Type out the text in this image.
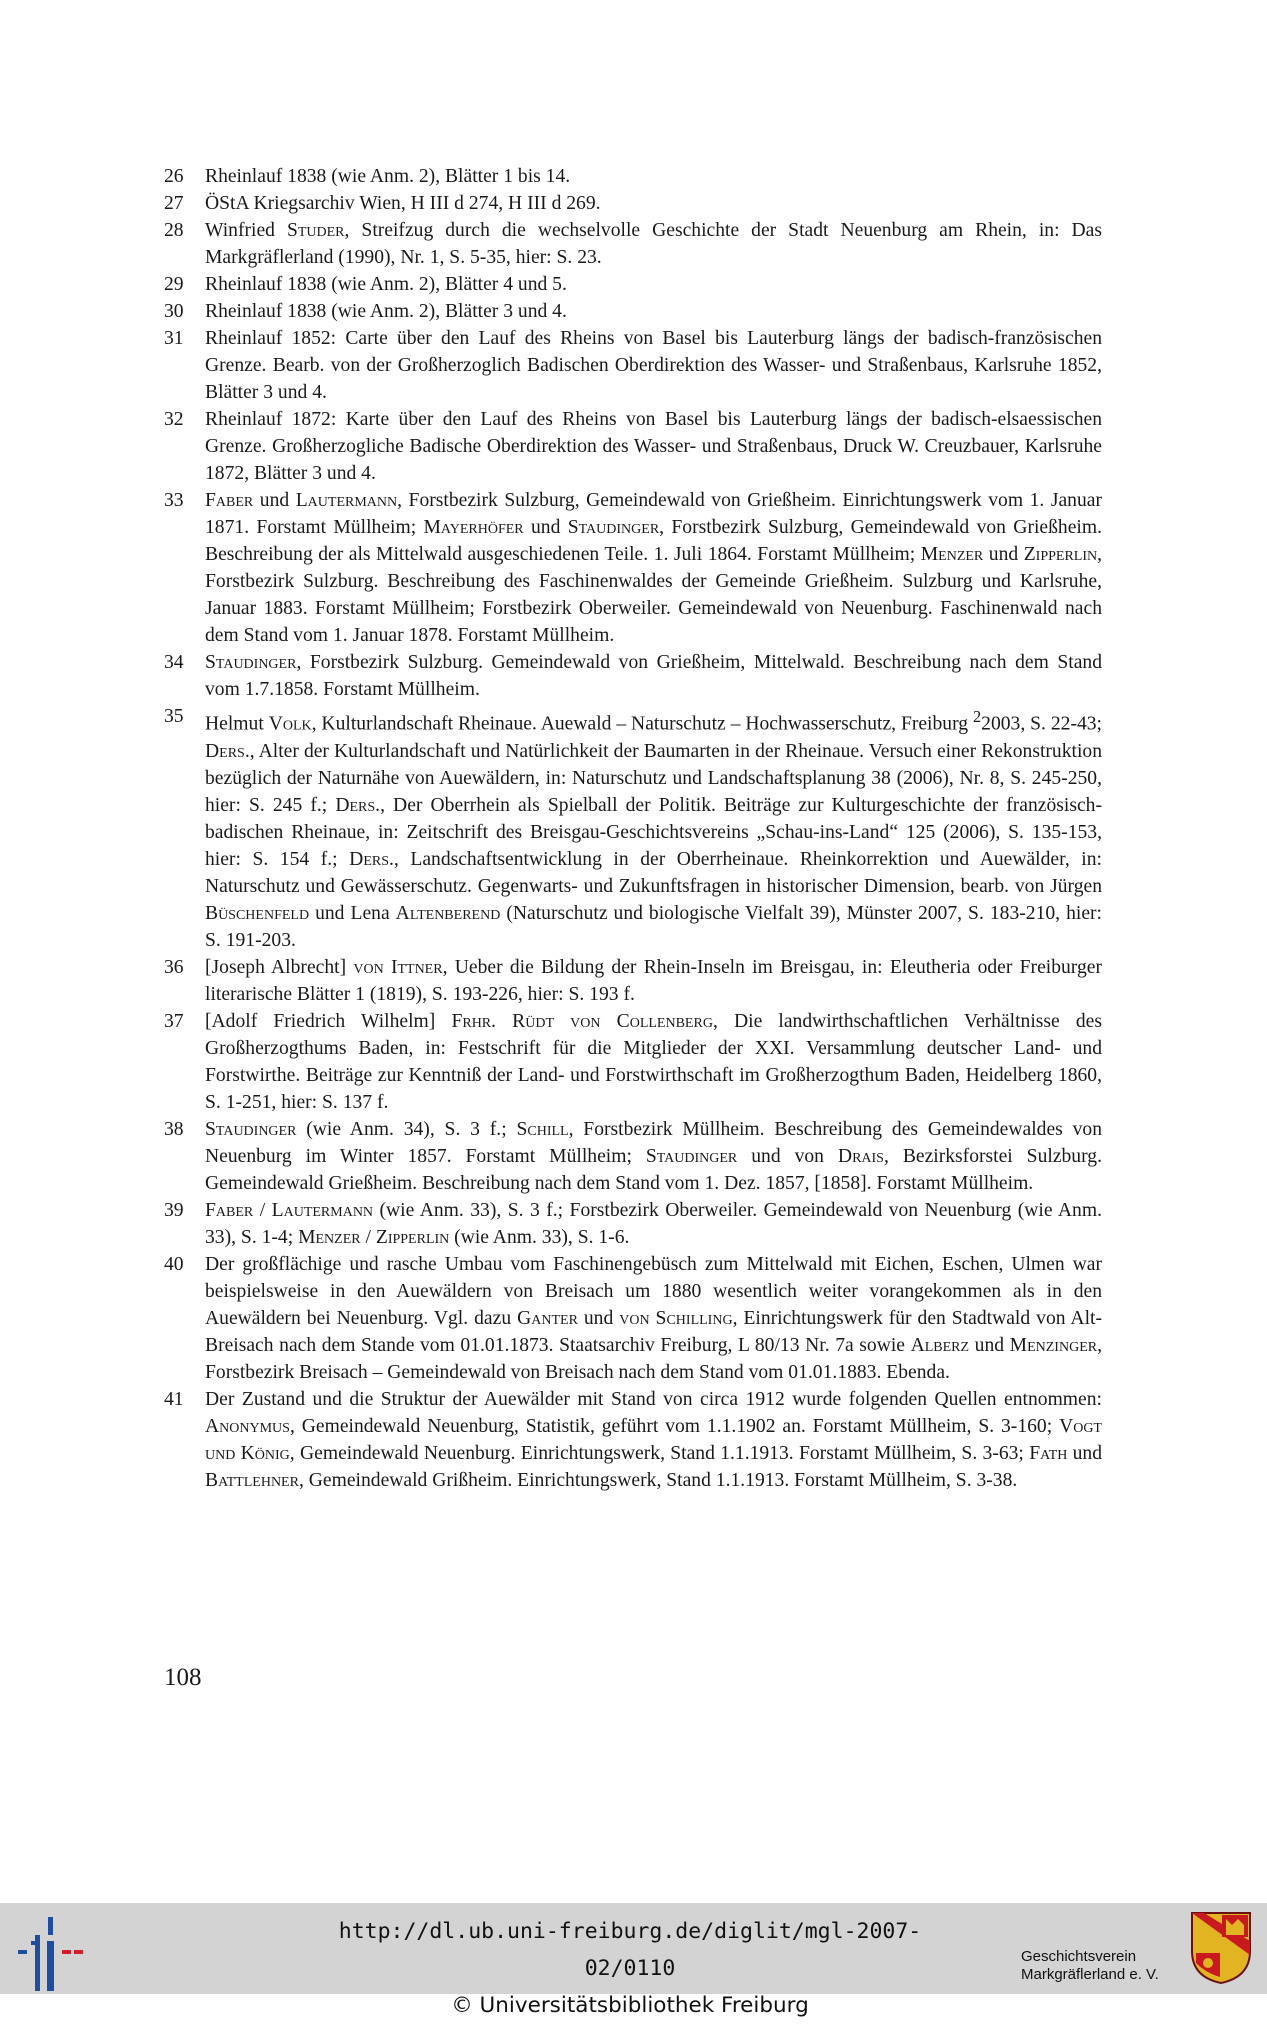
26	Rheinlauf 1838 (wie Anm. 2), Blätter 1 bis 14.
27	ÖStA Kriegsarchiv Wien, H III d 274, H III d 269.
28	Winfried Studer, Streifzug durch die wechselvolle Geschichte der Stadt Neuenburg am Rhein, in: Das Markgräflerland (1990), Nr. 1, S. 5-35, hier: S. 23.
29	Rheinlauf 1838 (wie Anm. 2), Blätter 4 und 5.
30	Rheinlauf 1838 (wie Anm. 2), Blätter 3 und 4.
31	Rheinlauf 1852: Carte über den Lauf des Rheins von Basel bis Lauterburg längs der badisch-französischen Grenze. Bearb. von der Großherzoglich Badischen Oberdirektion des Wasser- und Straßenbaus, Karlsruhe 1852, Blätter 3 und 4.
32	Rheinlauf 1872: Karte über den Lauf des Rheins von Basel bis Lauterburg längs der badisch-elsaessischen Grenze. Großherzogliche Badische Oberdirektion des Wasser- und Straßenbaus, Druck W. Creuzbauer, Karlsruhe 1872, Blätter 3 und 4.
33	Faber und Lautermann, Forstbezirk Sulzburg, Gemeindewald von Grießheim. Einrichtungswerk vom 1. Januar 1871. Forstamt Müllheim; Mayerhöfer und Staudinger, Forstbezirk Sulzburg, Gemeindewald von Grießheim. Beschreibung der als Mittelwald ausgeschiedenen Teile. 1. Juli 1864. Forstamt Müllheim; Menzer und Zipperlin, Forstbezirk Sulzburg. Beschreibung des Faschinenwaldes der Gemeinde Grießheim. Sulzburg und Karlsruhe, Januar 1883. Forstamt Müllheim; Forstbezirk Oberweiler. Gemeindewald von Neuenburg. Faschinenwald nach dem Stand vom 1. Januar 1878. Forstamt Müllheim.
34	Staudinger, Forstbezirk Sulzburg. Gemeindewald von Grießheim, Mittelwald. Beschreibung nach dem Stand vom 1.7.1858. Forstamt Müllheim.
35	Helmut Volk, Kulturlandschaft Rheinaue. Auewald – Naturschutz – Hochwasserschutz, Freiburg $^2$2003, S. 22-43; Ders., Alter der Kulturlandschaft und Natürlichkeit der Baumarten in der Rheinaue. Versuch einer Rekonstruktion bezüglich der Naturnähe von Auewäldern, in: Naturschutz und Landschaftsplanung 38 (2006), Nr. 8, S. 245-250, hier: S. 245 f.; Ders., Der Oberrhein als Spielball der Politik. Beiträge zur Kulturgeschichte der französisch-badischen Rheinaue, in: Zeitschrift des Breisgau-Geschichtsvereins „Schau-ins-Land“ 125 (2006), S. 135-153, hier: S. 154 f.; Ders., Landschaftsentwicklung in der Oberrheinaue. Rheinkorrektion und Auewälder, in: Naturschutz und Gewässerschutz. Gegenwarts- und Zukunftsfragen in historischer Dimension, bearb. von Jürgen Büschenfeld und Lena Altenberend (Naturschutz und biologische Vielfalt 39), Münster 2007, S. 183-210, hier: S. 191-203.
36	[Joseph Albrecht] von Ittner, Ueber die Bildung der Rhein-Inseln im Breisgau, in: Eleutheria oder Freiburger literarische Blätter 1 (1819), S. 193-226, hier: S. 193 f.
37	[Adolf Friedrich Wilhelm] Frhr. Rüdt von Collenberg, Die landwirthschaftlichen Verhältnisse des Großherzogthums Baden, in: Festschrift für die Mitglieder der XXI. Versammlung deutscher Land- und Forstwirthe. Beiträge zur Kenntniß der Land- und Forstwirthschaft im Großherzogthum Baden, Heidelberg 1860, S. 1-251, hier: S. 137 f.
38	Staudinger (wie Anm. 34), S. 3 f.; Schill, Forstbezirk Müllheim. Beschreibung des Gemeindewaldes von Neuenburg im Winter 1857. Forstamt Müllheim; Staudinger und von Drais, Bezirksforstei Sulzburg. Gemeindewald Grießheim. Beschreibung nach dem Stand vom 1. Dez. 1857, [1858]. Forstamt Müllheim.
39	Faber / Lautermann (wie Anm. 33), S. 3 f.; Forstbezirk Oberweiler. Gemeindewald von Neuenburg (wie Anm. 33), S. 1-4; Menzer / Zipperlin (wie Anm. 33), S. 1-6.
40	Der großflächige und rasche Umbau vom Faschinengebüsch zum Mittelwald mit Eichen, Eschen, Ulmen war beispielsweise in den Auewäldern von Breisach um 1880 wesentlich weiter vorangekommen als in den Auewäldern bei Neuenburg. Vgl. dazu Ganter und von Schilling, Einrichtungswerk für den Stadtwald von Alt-Breisach nach dem Stande vom 01.01.1873. Staatsarchiv Freiburg, L 80/13 Nr. 7a sowie Alberz und Menzinger, Forstbezirk Breisach – Gemeindewald von Breisach nach dem Stand vom 01.01.1883. Ebenda.
41	Der Zustand und die Struktur der Auewälder mit Stand von circa 1912 wurde folgenden Quellen entnommen: Anonymus, Gemeindewald Neuenburg, Statistik, geführt vom 1.1.1902 an. Forstamt Müllheim, S. 3-160; Vogt und König, Gemeindewald Neuenburg. Einrichtungswerk, Stand 1.1.1913. Forstamt Müllheim, S. 3-63; Fath und Battlehner, Gemeindewald Grißheim. Einrichtungswerk, Stand 1.1.1913. Forstamt Müllheim, S. 3-38.
108
http://dl.ub.uni-freiburg.de/diglit/mgl-2007-02/0110
© Universitätsbibliothek Freiburg
Geschichtsverein
Markgräflerland e. V.
